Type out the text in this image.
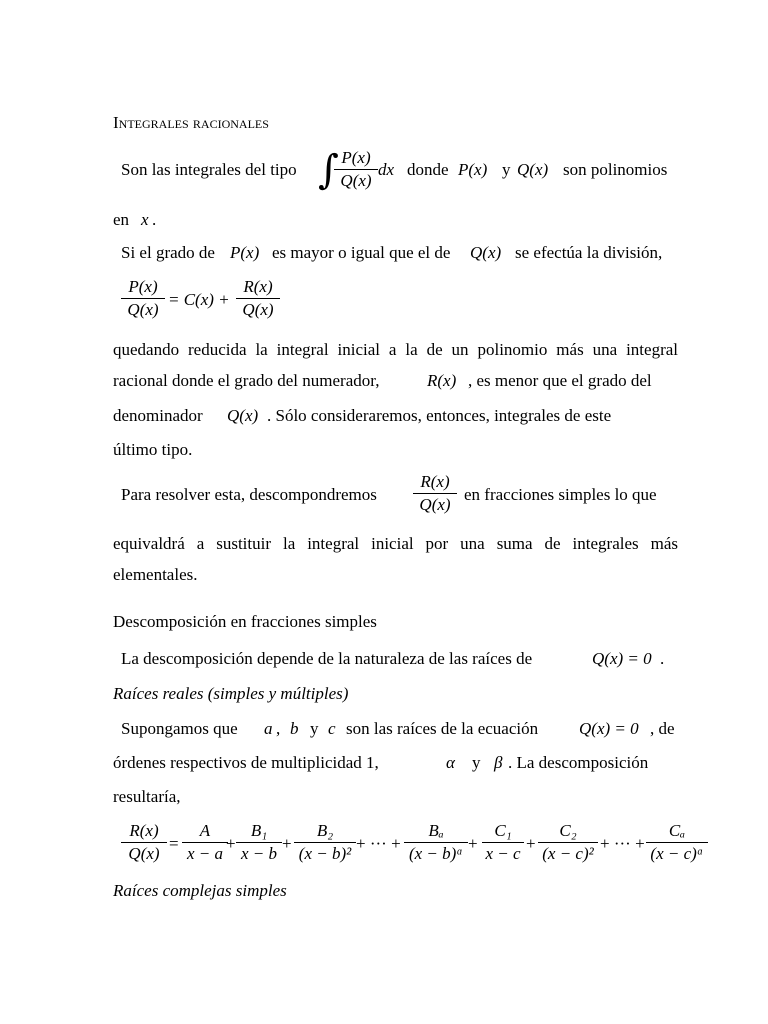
Integrales racionales
Son las integrales del tipo ∫ P(x)
Q(x)
dx donde P(x) y Q(x) son polinomios
en x .
Si el grado de P(x) es mayor o igual que el de Q(x) se efectúa la división,
P(x)
Q(x)
= C(x) +
R(x)
Q(x)
quedando reducida la integral inicial a la de un polinomio más una integral
racional donde el grado del numerador,	R(x) , es menor que el grado del
denominador Q(x) . Sólo consideraremos, entonces, integrales de este
último tipo.
Para resolver esta, descompondremos
R(x)
Q(x)
en fracciones simples lo que
equivaldrá a sustituir la integral inicial por una suma de integrales más
elementales.
Descomposición en fracciones simples
La descomposición depende de la naturaleza de las raíces de	Q(x) = 0 .
Raíces reales (simples y múltiples)
Supongamos que a , b y c son las raíces de la ecuación Q(x) = 0 , de
órdenes respectivos de multiplicidad 1,	α y β . La descomposición
resultaría,
R(x)
Q(x)
=
A
x − a
+
B₁
x − b
+
B₂
(x − b)²
+ ··· +
Bₐ
(x − b)ᵅ
+
C₁
x − c
+
C₂
(x − c)²
+ ··· +
Cₐ
(x − c)ᵅ
Raíces complejas simples
